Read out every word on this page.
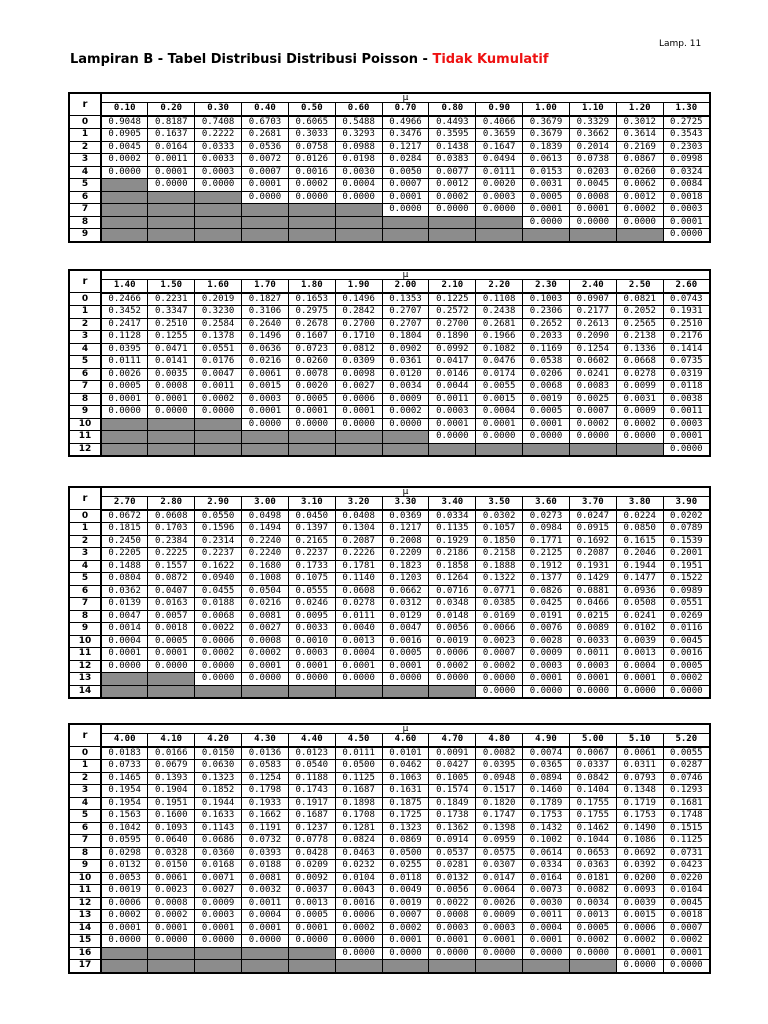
Lamp. 11
Lampiran B - Tabel Distribusi Distribusi Poisson - Tidak Kumulatif
r	μ												
	0.10	0.20	0.30	0.40	0.50	0.60	0.70	0.80	0.90	1.00	1.10	1.20	1.30
0	0.9048	0.8187	0.7408	0.6703	0.6065	0.5488	0.4966	0.4493	0.4066	0.3679	0.3329	0.3012	0.2725
1	0.0905	0.1637	0.2222	0.2681	0.3033	0.3293	0.3476	0.3595	0.3659	0.3679	0.3662	0.3614	0.3543
2	0.0045	0.0164	0.0333	0.0536	0.0758	0.0988	0.1217	0.1438	0.1647	0.1839	0.2014	0.2169	0.2303
3	0.0002	0.0011	0.0033	0.0072	0.0126	0.0198	0.0284	0.0383	0.0494	0.0613	0.0738	0.0867	0.0998
4	0.0000	0.0001	0.0003	0.0007	0.0016	0.0030	0.0050	0.0077	0.0111	0.0153	0.0203	0.0260	0.0324
5		0.0000	0.0000	0.0001	0.0002	0.0004	0.0007	0.0012	0.0020	0.0031	0.0045	0.0062	0.0084
6				0.0000	0.0000	0.0000	0.0001	0.0002	0.0003	0.0005	0.0008	0.0012	0.0018
7							0.0000	0.0000	0.0000	0.0001	0.0001	0.0002	0.0003
8										0.0000	0.0000	0.0000	0.0001
9													0.0000
r	μ												
	1.40	1.50	1.60	1.70	1.80	1.90	2.00	2.10	2.20	2.30	2.40	2.50	2.60
0	0.2466	0.2231	0.2019	0.1827	0.1653	0.1496	0.1353	0.1225	0.1108	0.1003	0.0907	0.0821	0.0743
1	0.3452	0.3347	0.3230	0.3106	0.2975	0.2842	0.2707	0.2572	0.2438	0.2306	0.2177	0.2052	0.1931
2	0.2417	0.2510	0.2584	0.2640	0.2678	0.2700	0.2707	0.2700	0.2681	0.2652	0.2613	0.2565	0.2510
3	0.1128	0.1255	0.1378	0.1496	0.1607	0.1710	0.1804	0.1890	0.1966	0.2033	0.2090	0.2138	0.2176
4	0.0395	0.0471	0.0551	0.0636	0.0723	0.0812	0.0902	0.0992	0.1082	0.1169	0.1254	0.1336	0.1414
5	0.0111	0.0141	0.0176	0.0216	0.0260	0.0309	0.0361	0.0417	0.0476	0.0538	0.0602	0.0668	0.0735
6	0.0026	0.0035	0.0047	0.0061	0.0078	0.0098	0.0120	0.0146	0.0174	0.0206	0.0241	0.0278	0.0319
7	0.0005	0.0008	0.0011	0.0015	0.0020	0.0027	0.0034	0.0044	0.0055	0.0068	0.0083	0.0099	0.0118
8	0.0001	0.0001	0.0002	0.0003	0.0005	0.0006	0.0009	0.0011	0.0015	0.0019	0.0025	0.0031	0.0038
9	0.0000	0.0000	0.0000	0.0001	0.0001	0.0001	0.0002	0.0003	0.0004	0.0005	0.0007	0.0009	0.0011
10				0.0000	0.0000	0.0000	0.0000	0.0001	0.0001	0.0001	0.0002	0.0002	0.0003
11								0.0000	0.0000	0.0000	0.0000	0.0000	0.0001
12													0.0000
r	μ												
	2.70	2.80	2.90	3.00	3.10	3.20	3.30	3.40	3.50	3.60	3.70	3.80	3.90
0	0.0672	0.0608	0.0550	0.0498	0.0450	0.0408	0.0369	0.0334	0.0302	0.0273	0.0247	0.0224	0.0202
1	0.1815	0.1703	0.1596	0.1494	0.1397	0.1304	0.1217	0.1135	0.1057	0.0984	0.0915	0.0850	0.0789
2	0.2450	0.2384	0.2314	0.2240	0.2165	0.2087	0.2008	0.1929	0.1850	0.1771	0.1692	0.1615	0.1539
3	0.2205	0.2225	0.2237	0.2240	0.2237	0.2226	0.2209	0.2186	0.2158	0.2125	0.2087	0.2046	0.2001
4	0.1488	0.1557	0.1622	0.1680	0.1733	0.1781	0.1823	0.1858	0.1888	0.1912	0.1931	0.1944	0.1951
5	0.0804	0.0872	0.0940	0.1008	0.1075	0.1140	0.1203	0.1264	0.1322	0.1377	0.1429	0.1477	0.1522
6	0.0362	0.0407	0.0455	0.0504	0.0555	0.0608	0.0662	0.0716	0.0771	0.0826	0.0881	0.0936	0.0989
7	0.0139	0.0163	0.0188	0.0216	0.0246	0.0278	0.0312	0.0348	0.0385	0.0425	0.0466	0.0508	0.0551
8	0.0047	0.0057	0.0068	0.0081	0.0095	0.0111	0.0129	0.0148	0.0169	0.0191	0.0215	0.0241	0.0269
9	0.0014	0.0018	0.0022	0.0027	0.0033	0.0040	0.0047	0.0056	0.0066	0.0076	0.0089	0.0102	0.0116
10	0.0004	0.0005	0.0006	0.0008	0.0010	0.0013	0.0016	0.0019	0.0023	0.0028	0.0033	0.0039	0.0045
11	0.0001	0.0001	0.0002	0.0002	0.0003	0.0004	0.0005	0.0006	0.0007	0.0009	0.0011	0.0013	0.0016
12	0.0000	0.0000	0.0000	0.0001	0.0001	0.0001	0.0001	0.0002	0.0002	0.0003	0.0003	0.0004	0.0005
13			0.0000	0.0000	0.0000	0.0000	0.0000	0.0000	0.0000	0.0001	0.0001	0.0001	0.0002
14									0.0000	0.0000	0.0000	0.0000	0.0000
r	μ												
	4.00	4.10	4.20	4.30	4.40	4.50	4.60	4.70	4.80	4.90	5.00	5.10	5.20
0	0.0183	0.0166	0.0150	0.0136	0.0123	0.0111	0.0101	0.0091	0.0082	0.0074	0.0067	0.0061	0.0055
1	0.0733	0.0679	0.0630	0.0583	0.0540	0.0500	0.0462	0.0427	0.0395	0.0365	0.0337	0.0311	0.0287
2	0.1465	0.1393	0.1323	0.1254	0.1188	0.1125	0.1063	0.1005	0.0948	0.0894	0.0842	0.0793	0.0746
3	0.1954	0.1904	0.1852	0.1798	0.1743	0.1687	0.1631	0.1574	0.1517	0.1460	0.1404	0.1348	0.1293
4	0.1954	0.1951	0.1944	0.1933	0.1917	0.1898	0.1875	0.1849	0.1820	0.1789	0.1755	0.1719	0.1681
5	0.1563	0.1600	0.1633	0.1662	0.1687	0.1708	0.1725	0.1738	0.1747	0.1753	0.1755	0.1753	0.1748
6	0.1042	0.1093	0.1143	0.1191	0.1237	0.1281	0.1323	0.1362	0.1398	0.1432	0.1462	0.1490	0.1515
7	0.0595	0.0640	0.0686	0.0732	0.0778	0.0824	0.0869	0.0914	0.0959	0.1002	0.1044	0.1086	0.1125
8	0.0298	0.0328	0.0360	0.0393	0.0428	0.0463	0.0500	0.0537	0.0575	0.0614	0.0653	0.0692	0.0731
9	0.0132	0.0150	0.0168	0.0188	0.0209	0.0232	0.0255	0.0281	0.0307	0.0334	0.0363	0.0392	0.0423
10	0.0053	0.0061	0.0071	0.0081	0.0092	0.0104	0.0118	0.0132	0.0147	0.0164	0.0181	0.0200	0.0220
11	0.0019	0.0023	0.0027	0.0032	0.0037	0.0043	0.0049	0.0056	0.0064	0.0073	0.0082	0.0093	0.0104
12	0.0006	0.0008	0.0009	0.0011	0.0013	0.0016	0.0019	0.0022	0.0026	0.0030	0.0034	0.0039	0.0045
13	0.0002	0.0002	0.0003	0.0004	0.0005	0.0006	0.0007	0.0008	0.0009	0.0011	0.0013	0.0015	0.0018
14	0.0001	0.0001	0.0001	0.0001	0.0001	0.0002	0.0002	0.0003	0.0003	0.0004	0.0005	0.0006	0.0007
15	0.0000	0.0000	0.0000	0.0000	0.0000	0.0000	0.0001	0.0001	0.0001	0.0001	0.0002	0.0002	0.0002
16						0.0000	0.0000	0.0000	0.0000	0.0000	0.0000	0.0001	0.0001
17												0.0000	0.0000
